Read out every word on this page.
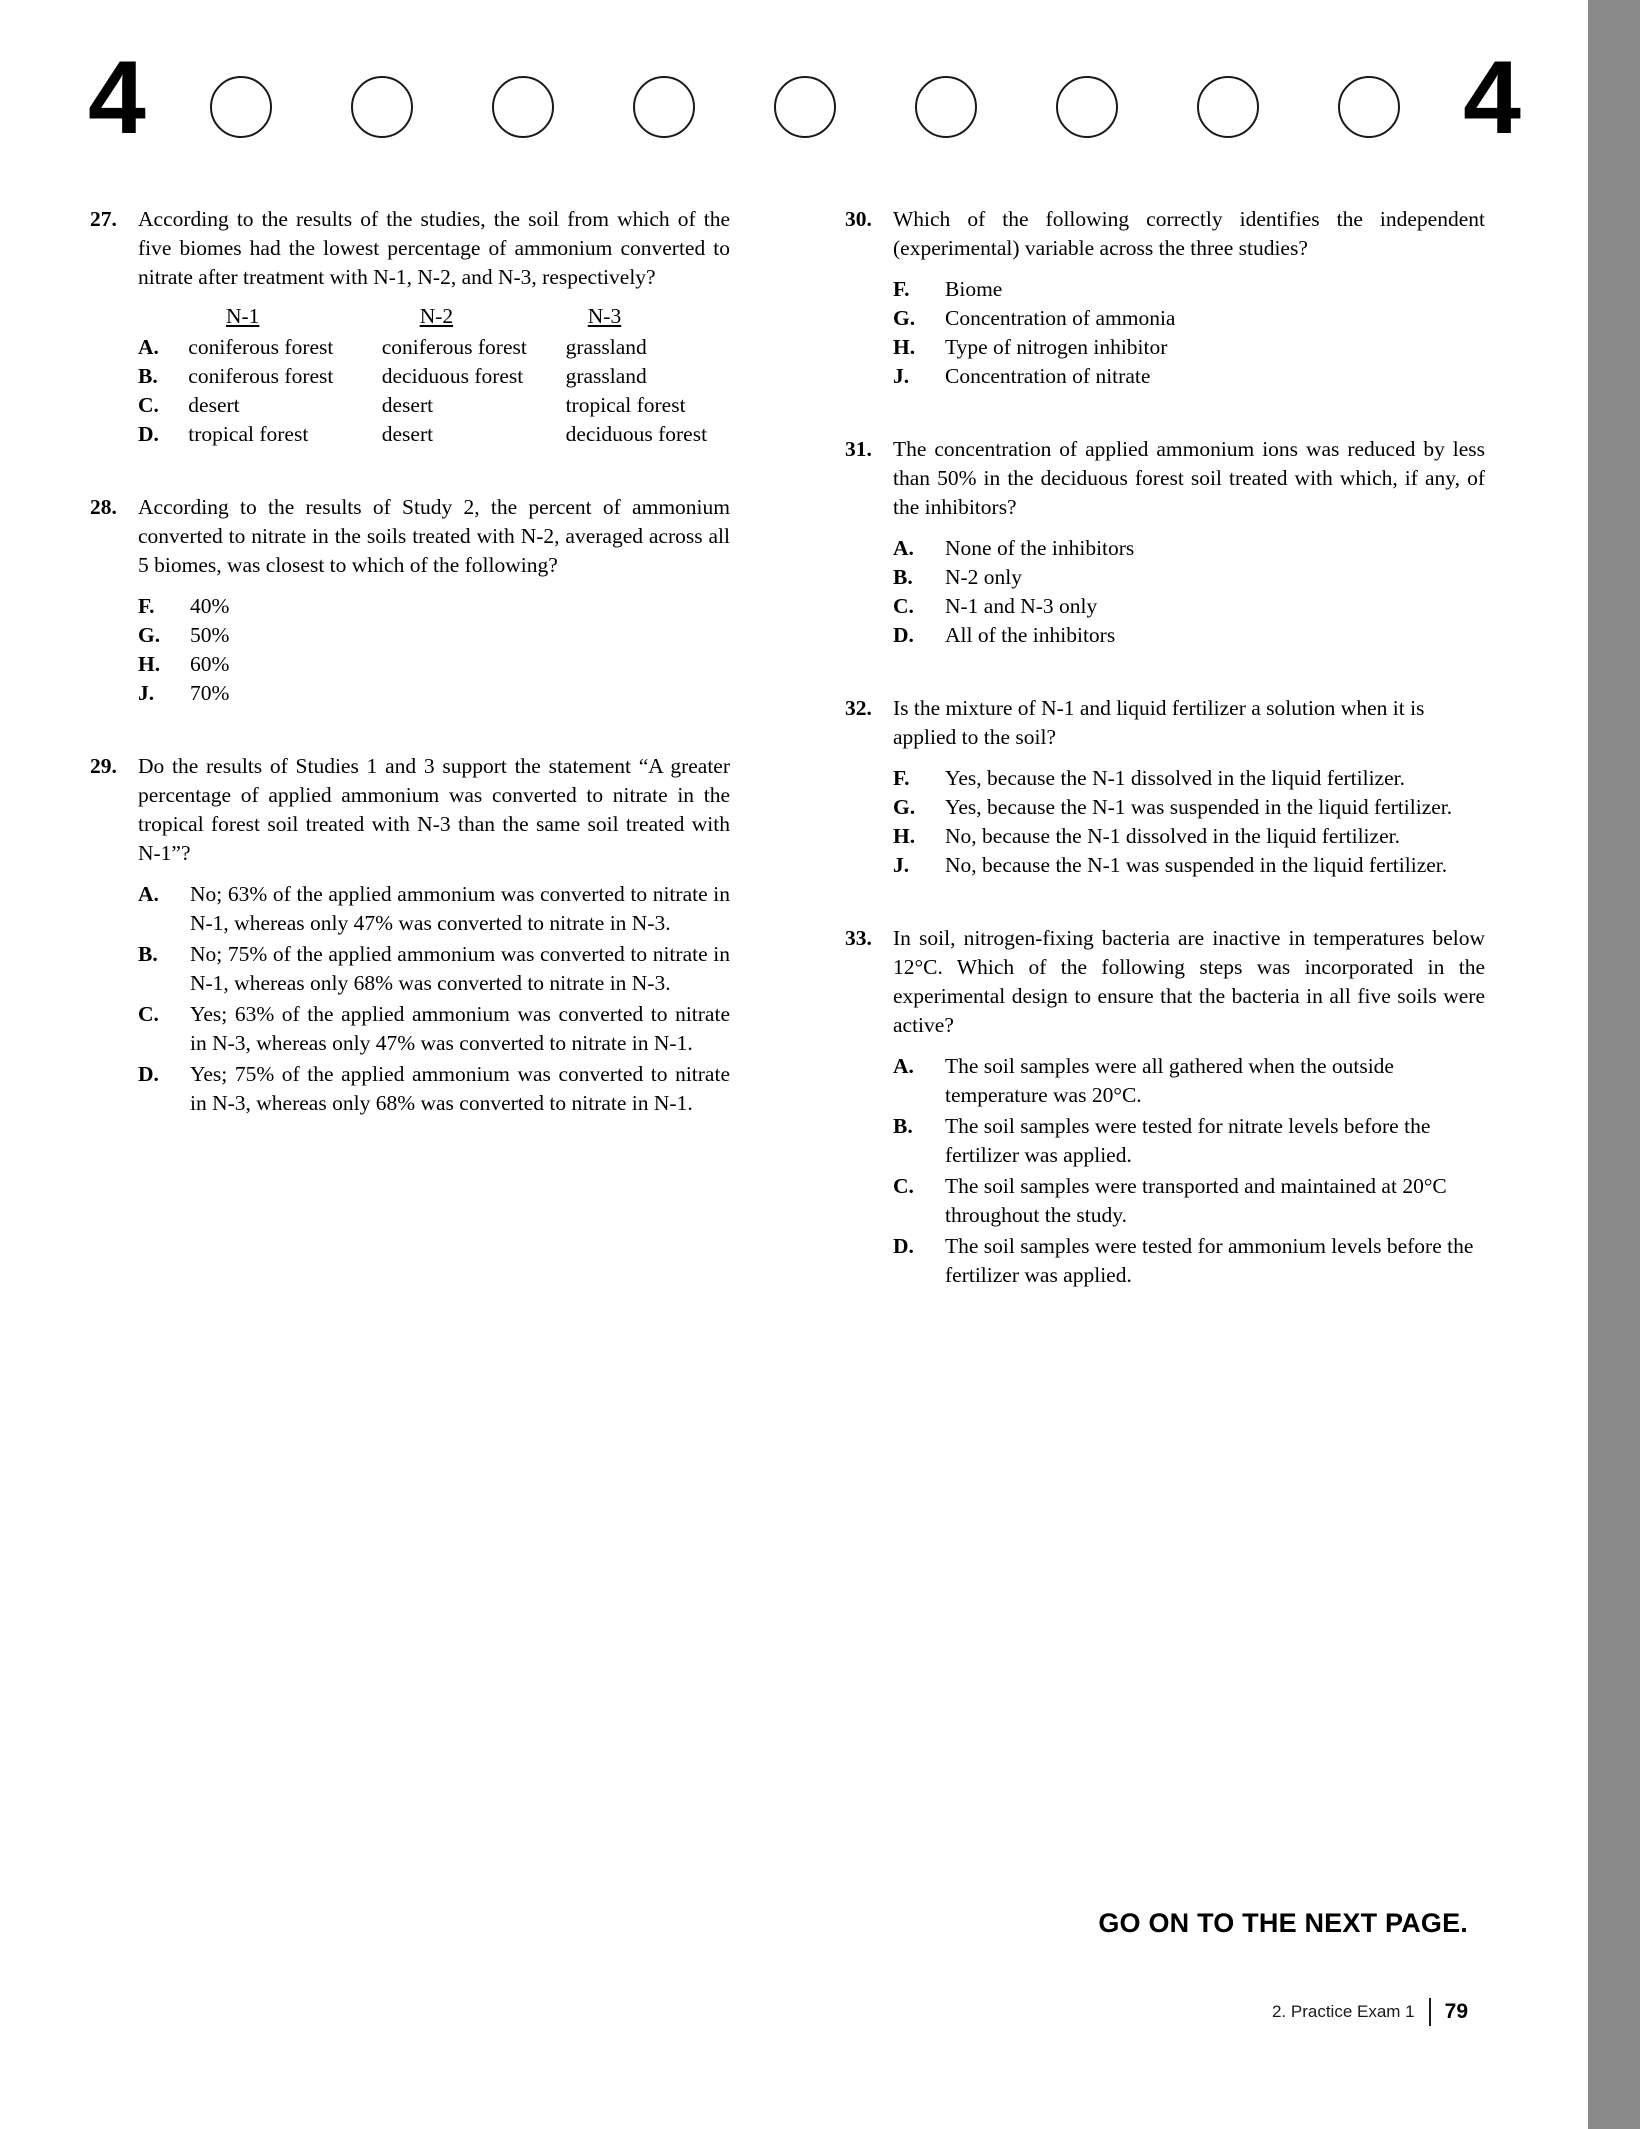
4	4
27. According to the results of the studies, the soil from which of the five biomes had the lowest percentage of ammonium converted to nitrate after treatment with N-1, N-2, and N-3, respectively?
N-1	N-2	N-3
A.	coniferous forest	coniferous forest	grassland
B.	coniferous forest	deciduous forest	grassland
C.	desert	desert	tropical forest
D.	tropical forest	desert	deciduous forest
28. According to the results of Study 2, the percent of ammonium converted to nitrate in the soils treated with N-2, averaged across all 5 biomes, was closest to which of the following?
F. 40%
G. 50%
H. 60%
J. 70%
29. Do the results of Studies 1 and 3 support the statement “A greater percentage of applied ammonium was converted to nitrate in the tropical forest soil treated with N-3 than the same soil treated with N-1”?
A. No; 63% of the applied ammonium was converted to nitrate in N-1, whereas only 47% was converted to nitrate in N-3.
B. No; 75% of the applied ammonium was converted to nitrate in N-1, whereas only 68% was converted to nitrate in N-3.
C. Yes; 63% of the applied ammonium was converted to nitrate in N-3, whereas only 47% was converted to nitrate in N-1.
D. Yes; 75% of the applied ammonium was converted to nitrate in N-3, whereas only 68% was converted to nitrate in N-1.
30. Which of the following correctly identifies the independent (experimental) variable across the three studies?
F. Biome
G. Concentration of ammonia
H. Type of nitrogen inhibitor
J. Concentration of nitrate
31. The concentration of applied ammonium ions was reduced by less than 50% in the deciduous forest soil treated with which, if any, of the inhibitors?
A. None of the inhibitors
B. N-2 only
C. N-1 and N-3 only
D. All of the inhibitors
32. Is the mixture of N-1 and liquid fertilizer a solution when it is applied to the soil?
F. Yes, because the N-1 dissolved in the liquid fertilizer.
G. Yes, because the N-1 was suspended in the liquid fertilizer.
H. No, because the N-1 dissolved in the liquid fertilizer.
J. No, because the N-1 was suspended in the liquid fertilizer.
33. In soil, nitrogen-fixing bacteria are inactive in temperatures below 12°C. Which of the following steps was incorporated in the experimental design to ensure that the bacteria in all five soils were active?
A. The soil samples were all gathered when the outside temperature was 20°C.
B. The soil samples were tested for nitrate levels before the fertilizer was applied.
C. The soil samples were transported and maintained at 20°C throughout the study.
D. The soil samples were tested for ammonium levels before the fertilizer was applied.
GO ON TO THE NEXT PAGE.
2. Practice Exam 1 79
